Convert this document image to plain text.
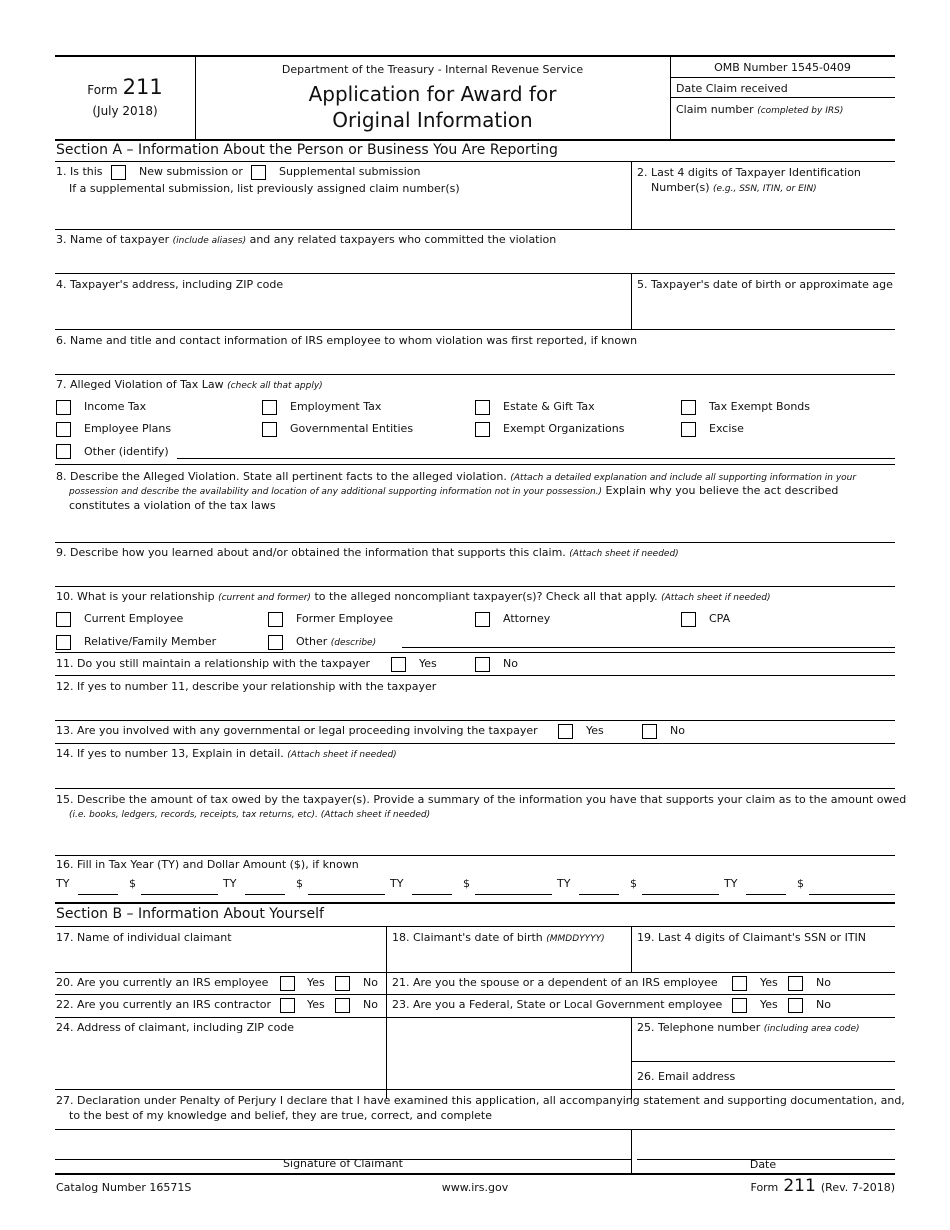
Form 211
(July 2018)
Department of the Treasury - Internal Revenue Service
Application for Award for
Original Information
OMB Number 1545-0409
Date Claim received
Claim number (completed by IRS)
Section A – Information About the Person or Business You Are Reporting
1. Is this	New submission or	Supplemental submission
If a supplemental submission, list previously assigned claim number(s)
2. Last 4 digits of Taxpayer Identification
Number(s) (e.g., SSN, ITIN, or EIN)
3. Name of taxpayer (include aliases) and any related taxpayers who committed the violation
4. Taxpayer's address, including ZIP code	5. Taxpayer's date of birth or approximate age
6. Name and title and contact information of IRS employee to whom violation was first reported, if known
7. Alleged Violation of Tax Law (check all that apply)
Income Tax	Employment Tax	Estate & Gift Tax	Tax Exempt Bonds
Employee Plans	Governmental Entities	Exempt Organizations	Excise
Other (identify)
8. Describe the Alleged Violation. State all pertinent facts to the alleged violation. (Attach a detailed explanation and include all supporting information in your
possession and describe the availability and location of any additional supporting information not in your possession.) Explain why you believe the act described
constitutes a violation of the tax laws
9. Describe how you learned about and/or obtained the information that supports this claim. (Attach sheet if needed)
10. What is your relationship (current and former) to the alleged noncompliant taxpayer(s)? Check all that apply. (Attach sheet if needed)
Current Employee	Former Employee	Attorney	CPA
Relative/Family Member	Other (describe)
11. Do you still maintain a relationship with the taxpayer	Yes	No
12. If yes to number 11, describe your relationship with the taxpayer
13. Are you involved with any governmental or legal proceeding involving the taxpayer	Yes	No
14. If yes to number 13, Explain in detail. (Attach sheet if needed)
15. Describe the amount of tax owed by the taxpayer(s). Provide a summary of the information you have that supports your claim as to the amount owed
(i.e. books, ledgers, records, receipts, tax returns, etc). (Attach sheet if needed)
16. Fill in Tax Year (TY) and Dollar Amount ($), if known
TY	$	TY	$	TY	$	TY	$	TY	$
Section B – Information About Yourself
17. Name of individual claimant	18. Claimant's date of birth (MMDDYYYY)	19. Last 4 digits of Claimant's SSN or ITIN
20. Are you currently an IRS employee	Yes	No 21. Are you the spouse or a dependent of an IRS employee	Yes	No
22. Are you currently an IRS contractor	Yes	No 23. Are you a Federal, State or Local Government employee	Yes	No
24. Address of claimant, including ZIP code	25. Telephone number (including area code)
26. Email address
27. Declaration under Penalty of Perjury I declare that I have examined this application, all accompanying statement and supporting documentation, and,
to the best of my knowledge and belief, they are true, correct, and complete
Signature of Claimant	Date
Catalog Number 16571S	www.irs.gov	Form 211 (Rev. 7-2018)
